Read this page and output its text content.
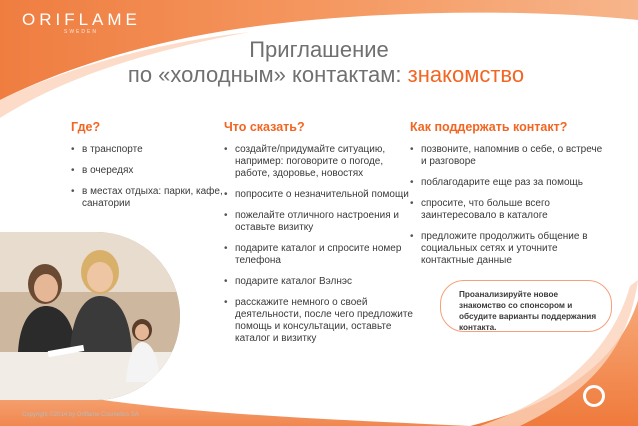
ORIFLAME
SWEDEN
Приглашение
по «холодным» контактам: знакомство
Где?
• в транспорте
• в очередях
• в местах отдыха: парки, кафе, санатории
Что сказать?
• создайте/придумайте ситуацию, например: поговорите о погоде, работе, здоровье, новостях
• попросите о незначительной помощи
• пожелайте отличного настроения и оставьте визитку
• подарите каталог и спросите номер телефона
• подарите каталог Вэлнэс
• расскажите немного о своей деятельности, после чего предложите помощь и консультации, оставьте каталог и визитку
Как поддержать контакт?
• позвоните, напомнив о себе, о встрече и разговоре
• поблагодарите еще раз за помощь
• спросите, что больше всего заинтересовало в каталоге
• предложите продолжить общение в социальных сетях и уточните контактные данные
Проанализируйте новое знакомство со спонсором и обсудите варианты поддержания контакта.
Copyright ©2014 by Oriflame Cosmetics SA
